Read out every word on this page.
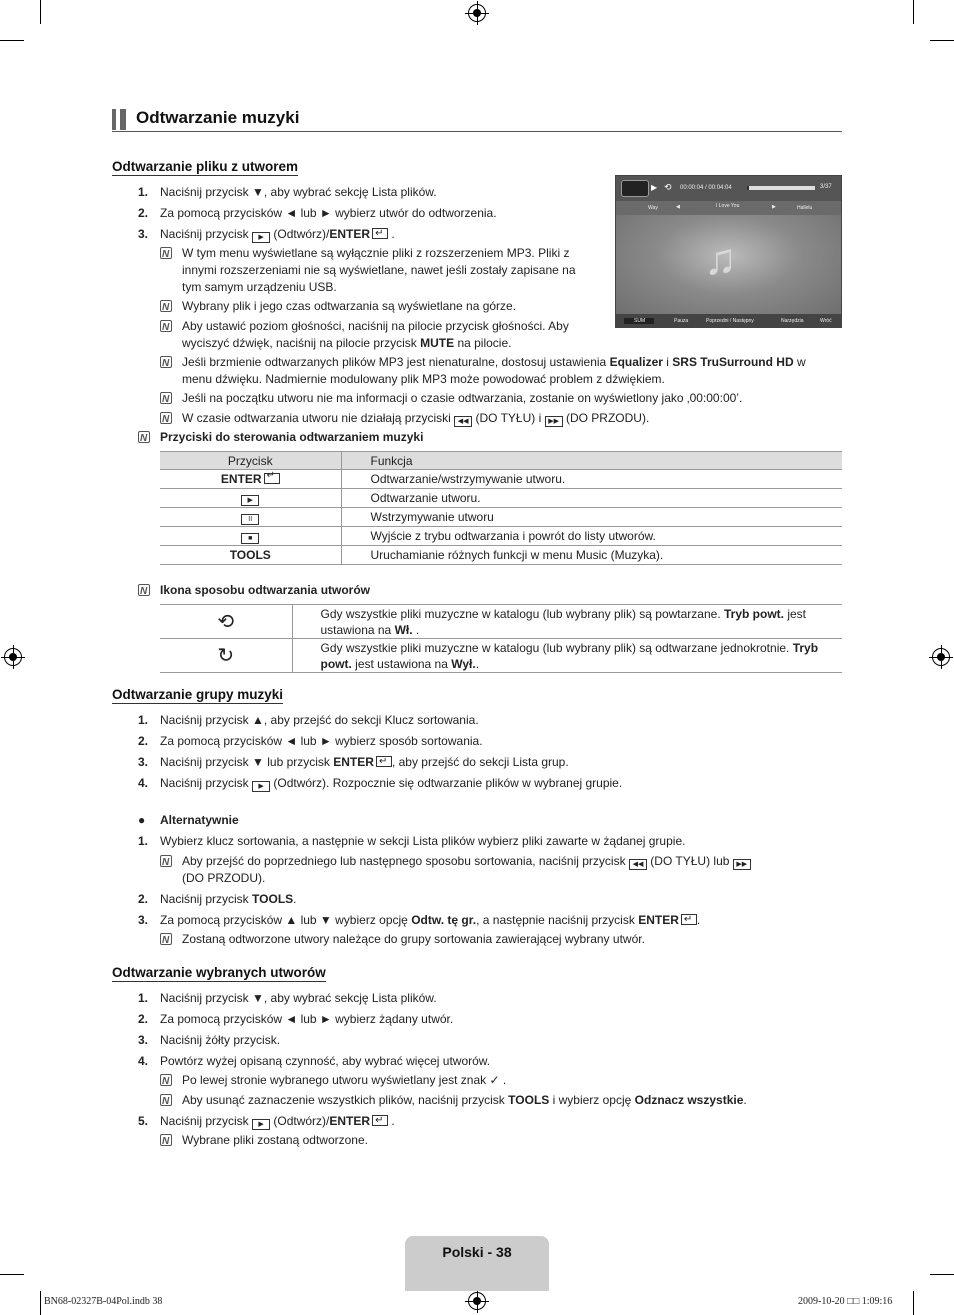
Odtwarzanie muzyki
Odtwarzanie pliku z utworem
1. Naciśnij przycisk ▼, aby wybrać sekcję Lista plików.
2. Za pomocą przycisków ◄ lub ► wybierz utwór do odtworzenia.
3. Naciśnij przycisk ▶ (Odtwórz)/ENTER ↵ .
N
W tym menu wyświetlane są wyłącznie pliki z rozszerzeniem MP3. Pliki z innymi rozszerzeniami nie są wyświetlane, nawet jeśli zostały zapisane na tym samym urządzeniu USB.
N
Wybrany plik i jego czas odtwarzania są wyświetlane na górze.
N
Aby ustawić poziom głośności, naciśnij na pilocie przycisk głośności. Aby wyciszyć dźwięk, naciśnij na pilocie przycisk MUTE na pilocie.
N
Jeśli brzmienie odtwarzanych plików MP3 jest nienaturalne, dostosuj ustawienia Equalizer i SRS TruSurround HD w menu dźwięku. Nadmiernie modulowany plik MP3 może powodować problem z dźwiękiem.
N
Jeśli na początku utworu nie ma informacji o czasie odtwarzania, zostanie on wyświetlony jako ‚00:00:00’.
N
W czasie odtwarzania utworu nie działają przyciski ◀◀ (DO TYŁU) i ▶▶ (DO PRZODU).
N
Przyciski do sterowania odtwarzaniem muzyki
Przycisk	Funkcja
ENTER↵	Odtwarzanie/wstrzymywanie utworu.
▶	Odtwarzanie utworu.
II	Wstrzymywanie utworu
■	Wyjście z trybu odtwarzania i powrót do listy utworów.
TOOLS	Uruchamianie różnych funkcji w menu Music (Muzyka).
N
Ikona sposobu odtwarzania utworów
⟲	Gdy wszystkie pliki muzyczne w katalogu (lub wybrany plik) są powtarzane. Tryb powt. jest ustawiona na Wł. .
↻	Gdy wszystkie pliki muzyczne w katalogu (lub wybrany plik) są odtwarzane jednokrotnie. Tryb powt. jest ustawiona na Wył..
▶ ⟲ 00:00:04 / 00:04:04	3/37
Way	◀	I Love You	▶	Hallelu
♫
SUM	Pauza	Poprzedni / Następny	Narzędzia	Wróć
Odtwarzanie grupy muzyki
1. Naciśnij przycisk ▲, aby przejść do sekcji Klucz sortowania.
2. Za pomocą przycisków ◄ lub ► wybierz sposób sortowania.
3. Naciśnij przycisk ▼ lub przycisk ENTER ↵ , aby przejść do sekcji Lista grup.
4. Naciśnij przycisk ▶ (Odtwórz). Rozpocznie się odtwarzanie plików w wybranej grupie.
● Alternatywnie
1. Wybierz klucz sortowania, a następnie w sekcji Lista plików wybierz pliki zawarte w żądanej grupie.
N
Aby przejść do poprzedniego lub następnego sposobu sortowania, naciśnij przycisk ◀◀ (DO TYŁU) lub ▶▶ (DO PRZODU).
2. Naciśnij przycisk TOOLS.
3. Za pomocą przycisków ▲ lub ▼ wybierz opcję Odtw. tę gr., a następnie naciśnij przycisk ENTER ↵ .
N
Zostaną odtworzone utwory należące do grupy sortowania zawierającej wybrany utwór.
Odtwarzanie wybranych utworów
1. Naciśnij przycisk ▼, aby wybrać sekcję Lista plików.
2. Za pomocą przycisków ◄ lub ► wybierz żądany utwór.
3. Naciśnij żółty przycisk.
4. Powtórz wyżej opisaną czynność, aby wybrać więcej utworów.
N
Po lewej stronie wybranego utworu wyświetlany jest znak ✓ .
N
Aby usunąć zaznaczenie wszystkich plików, naciśnij przycisk TOOLS i wybierz opcję Odznacz wszystkie.
5. Naciśnij przycisk ▶ (Odtwórz)/ENTER ↵ .
N
Wybrane pliki zostaną odtworzone.
Polski - 38
BN68-02327B-04Pol.indb 38	2009-10-20 □□ 1:09:16
